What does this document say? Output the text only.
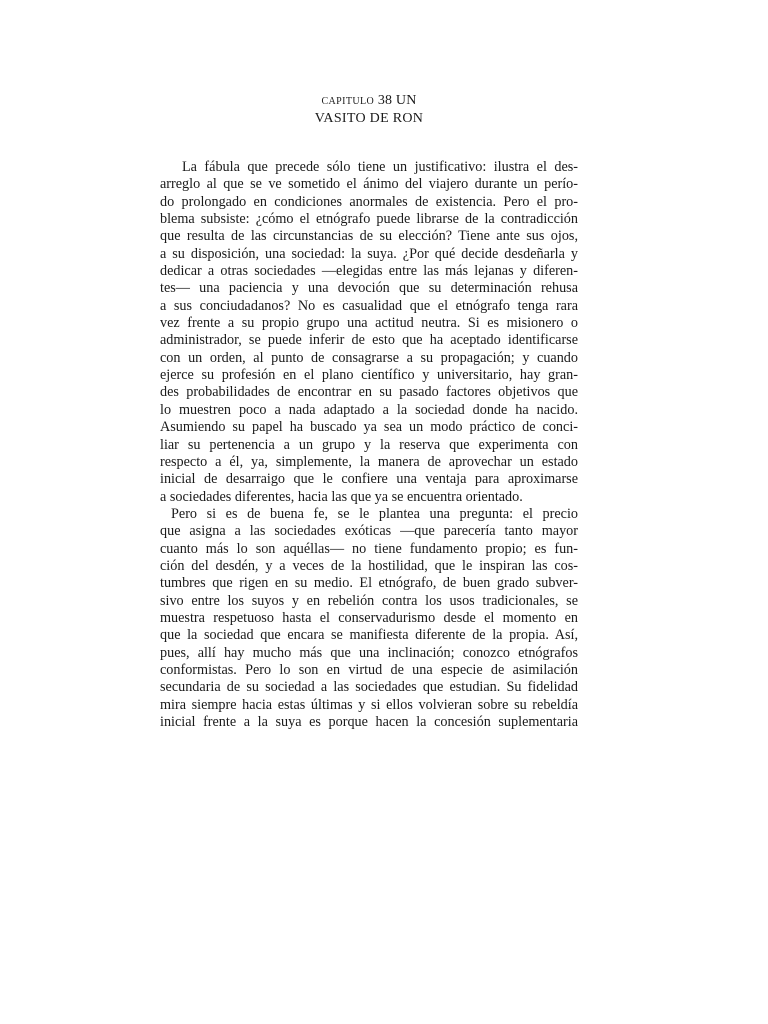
CAPITULO 38 UN
VASITO DE RON
La fábula que precede sólo tiene un justificativo: ilustra el des-
arreglo al que se ve sometido el ánimo del viajero durante un perío-
do prolongado en condiciones anormales de existencia. Pero el pro-
blema subsiste: ¿cómo el etnógrafo puede librarse de la contradicción
que resulta de las circunstancias de su elección? Tiene ante sus ojos,
a su disposición, una sociedad: la suya. ¿Por qué decide desdeñarla y
dedicar a otras sociedades —elegidas entre las más lejanas y diferen-
tes— una paciencia y una devoción que su determinación rehusa
a sus conciudadanos? No es casualidad que el etnógrafo tenga rara
vez frente a su propio grupo una actitud neutra. Si es misionero o
administrador, se puede inferir de esto que ha aceptado identificarse
con un orden, al punto de consagrarse a su propagación; y cuando
ejerce su profesión en el plano científico y universitario, hay gran-
des probabilidades de encontrar en su pasado factores objetivos que
lo muestren poco a nada adaptado a la sociedad donde ha nacido.
Asumiendo su papel ha buscado ya sea un modo práctico de conci-
liar su pertenencia a un grupo y la reserva que experimenta con
respecto a él, ya, simplemente, la manera de aprovechar un estado
inicial de desarraigo que le confiere una ventaja para aproximarse
a sociedades diferentes, hacia las que ya se encuentra orientado.
Pero si es de buena fe, se le plantea una pregunta: el precio
que asigna a las sociedades exóticas —que parecería tanto mayor
cuanto más lo son aquéllas— no tiene fundamento propio; es fun-
ción del desdén, y a veces de la hostilidad, que le inspiran las cos-
tumbres que rigen en su medio. El etnógrafo, de buen grado subver-
sivo entre los suyos y en rebelión contra los usos tradicionales, se
muestra respetuoso hasta el conservadurismo desde el momento en
que la sociedad que encara se manifiesta diferente de la propia. Así,
pues, allí hay mucho más que una inclinación; conozco etnógrafos
conformistas. Pero lo son en virtud de una especie de asimilación
secundaria de su sociedad a las sociedades que estudian. Su fidelidad
mira siempre hacia estas últimas y si ellos volvieran sobre su rebeldía
inicial frente a la suya es porque hacen la concesión suplementaria
